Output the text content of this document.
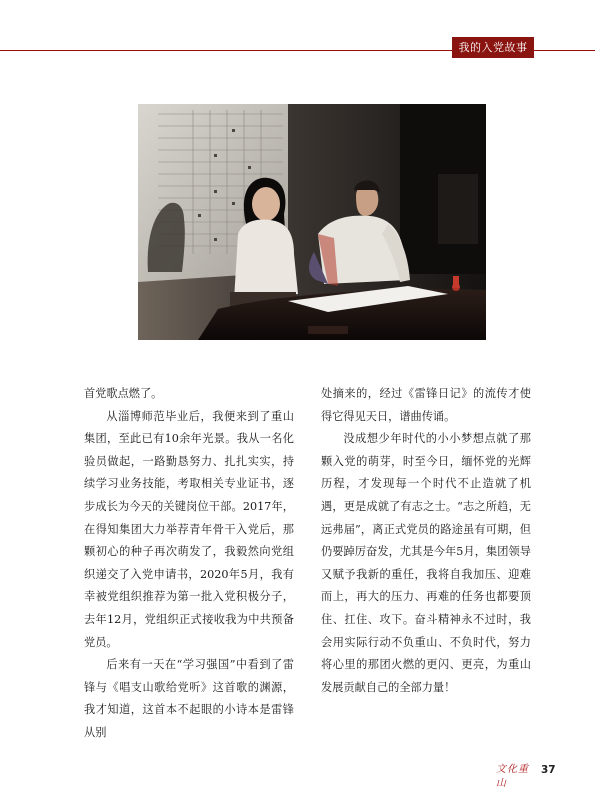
我的入党故事

首党歌点燃了。

从淄博师范毕业后，我便来到了重山集团，至此已有10余年光景。我从一名化验员做起，一路勤恳努力、扎扎实实，持续学习业务技能，考取相关专业证书，逐步成长为今天的关键岗位干部。2017年，在得知集团大力举荐青年骨干入党后，那颗初心的种子再次萌发了，我毅然向党组织递交了入党申请书，2020年5月，我有幸被党组织推荐为第一批入党积极分子， 去年12月，党组织正式接收我为中共预备党员。

后来有一天在“学习强国”中看到了雷锋与《唱支山歌给党听》这首歌的渊源，我才知道，这首本不起眼的小诗本是雷锋从别

处摘来的，经过《雷锋日记》的流传才使得它得见天日，谱曲传诵。

没成想少年时代的小小梦想点就了那颗入党的萌芽，时至今日，缅怀党的光辉历程，才发现每一个时代不止造就了机遇，更是成就了有志之士。“志之所趋，无远弗届”，离正式党员的路途虽有可期，但仍要踔厉奋发，尤其是今年5月，集团领导又赋予我新的重任，我将自我加压、迎难而上，再大的压力、再难的任务也都要顶住、扛住、攻下。奋斗精神永不过时，我会用实际行动不负重山、不负时代，努力将心里的那团火燃的更闪、更亮，为重山发展贡献自己的全部力量！

文化重山
37
